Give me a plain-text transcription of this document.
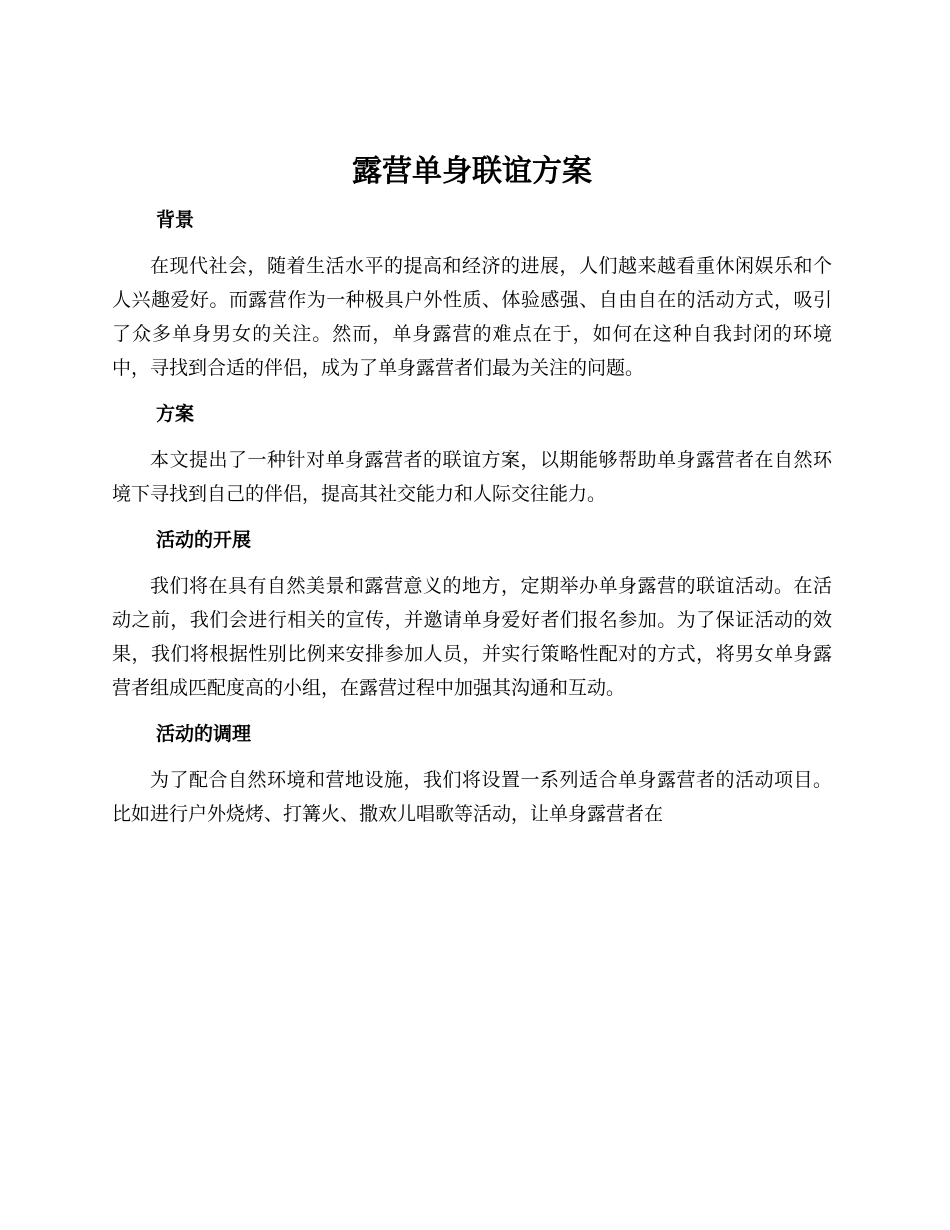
露营单身联谊方案
背景

在现代社会，随着生活水平的提高和经济的进展，人们越来越看重休闲娱乐和个人兴趣爱好。而露营作为一种极具户外性质、体验感强、自由自在的活动方式，吸引了众多单身男女的关注。然而，单身露营的难点在于，如何在这种自我封闭的环境中，寻找到合适的伴侣，成为了单身露营者们最为关注的问题。

方案

本文提出了一种针对单身露营者的联谊方案，以期能够帮助单身露营者在自然环境下寻找到自己的伴侣，提高其社交能力和人际交往能力。

活动的开展

我们将在具有自然美景和露营意义的地方，定期举办单身露营的联谊活动。在活动之前，我们会进行相关的宣传，并邀请单身爱好者们报名参加。为了保证活动的效果，我们将根据性别比例来安排参加人员，并实行策略性配对的方式，将男女单身露营者组成匹配度高的小组，在露营过程中加强其沟通和互动。

活动的调理

为了配合自然环境和营地设施，我们将设置一系列适合单身露营者的活动项目。比如进行户外烧烤、打篝火、撒欢儿唱歌等活动，让单身露营者在
